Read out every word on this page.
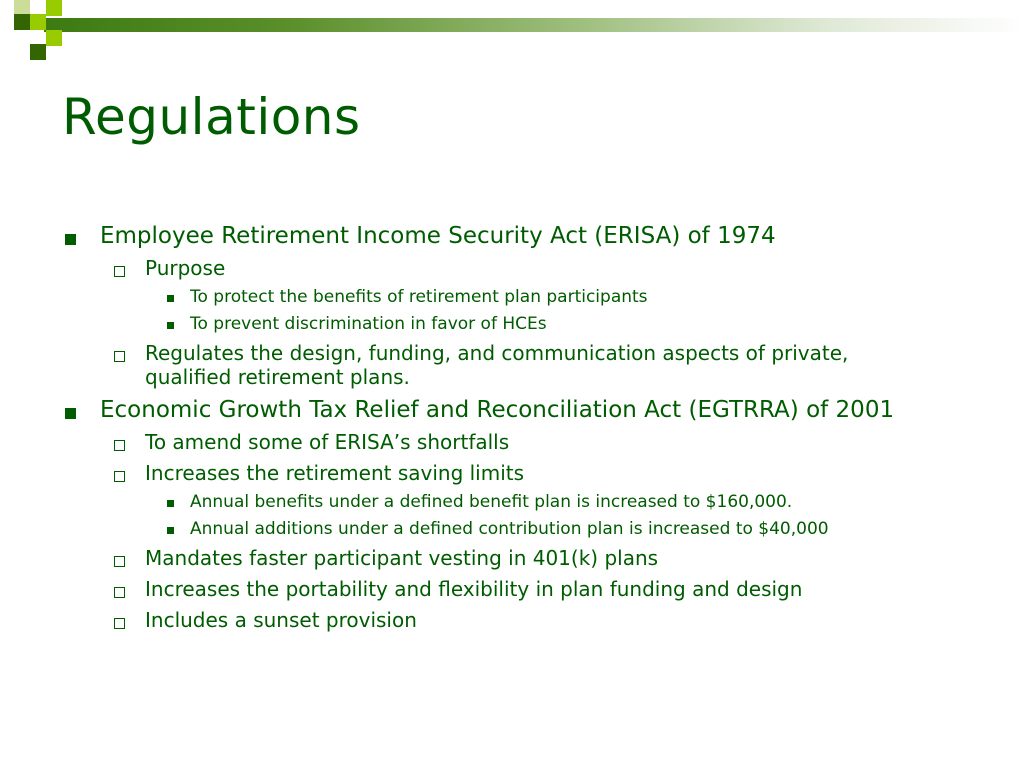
Regulations
Employee Retirement Income Security Act (ERISA) of 1974
Purpose
To protect the benefits of retirement plan participants
To prevent discrimination in favor of HCEs
Regulates the design, funding, and communication aspects of private, qualified retirement plans.
Economic Growth Tax Relief and Reconciliation Act (EGTRRA) of 2001
To amend some of ERISA’s shortfalls
Increases the retirement saving limits
Annual benefits under a defined benefit plan is increased to $160,000.
Annual additions under a defined contribution plan is increased to $40,000
Mandates faster participant vesting in 401(k) plans
Increases the portability and flexibility in plan funding and design
Includes a sunset provision
